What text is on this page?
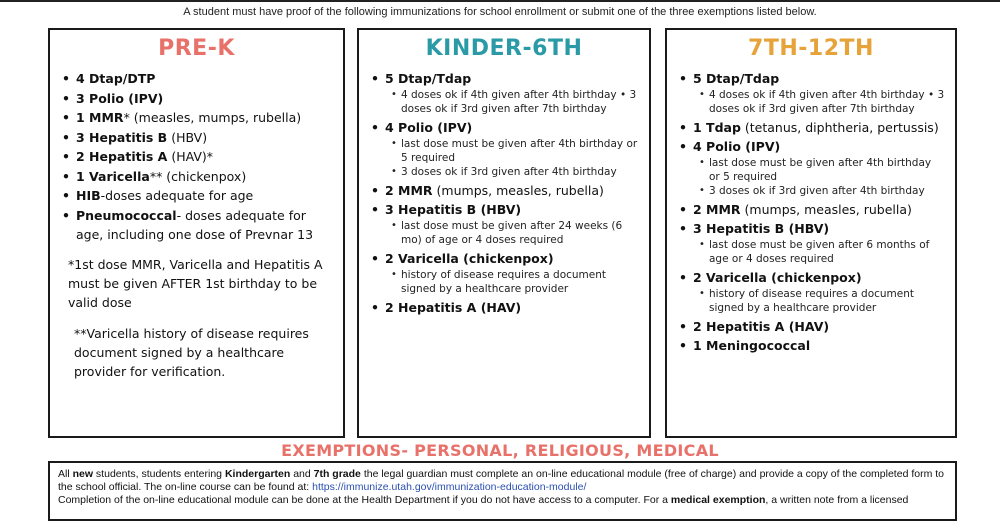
A student must have proof of the following immunizations for school enrollment or submit one of the three exemptions listed below.
PRE-K
• 4 Dtap/DTP
• 3 Polio (IPV)
• 1 MMR* (measles, mumps, rubella)
• 3 Hepatitis B (HBV)
• 2 Hepatitis A (HAV)*
• 1 Varicella** (chickenpox)
• HIB-doses adequate for age
• Pneumococcal- doses adequate for age, including one dose of Prevnar 13
*1st dose MMR, Varicella and Hepatitis A must be given AFTER 1st birthday to be valid dose
**Varicella history of disease requires document signed by a healthcare provider for verification.
KINDER-6TH
• 5 Dtap/Tdap
• 4 doses ok if 4th given after 4th birthday • 3 doses ok if 3rd given after 7th birthday
• 4 Polio (IPV)
• last dose must be given after 4th birthday or 5 required
• 3 doses ok if 3rd given after 4th birthday
• 2 MMR (mumps, measles, rubella)
• 3 Hepatitis B (HBV)
• last dose must be given after 24 weeks (6 mo) of age or 4 doses required
• 2 Varicella (chickenpox)
• history of disease requires a document signed by a healthcare provider
• 2 Hepatitis A (HAV)
7TH-12TH
• 5 Dtap/Tdap
• 4 doses ok if 4th given after 4th birthday • 3 doses ok if 3rd given after 7th birthday
• 1 Tdap (tetanus, diphtheria, pertussis)
• 4 Polio (IPV)
• last dose must be given after 4th birthday or 5 required
• 3 doses ok if 3rd given after 4th birthday
• 2 MMR (mumps, measles, rubella)
• 3 Hepatitis B (HBV)
• last dose must be given after 6 months of age or 4 doses required
• 2 Varicella (chickenpox)
• history of disease requires a document signed by a healthcare provider
• 2 Hepatitis A (HAV)
• 1 Meningococcal
EXEMPTIONS- PERSONAL, RELIGIOUS, MEDICAL
All new students, students entering Kindergarten and 7th grade the legal guardian must complete an on-line educational module (free of charge) and provide a copy of the completed form to the school official. The on-line course can be found at: https://immunize.utah.gov/immunization-education-module/
Completion of the on-line educational module can be done at the Health Department if you do not have access to a computer. For a medical exemption, a written note from a licensed
